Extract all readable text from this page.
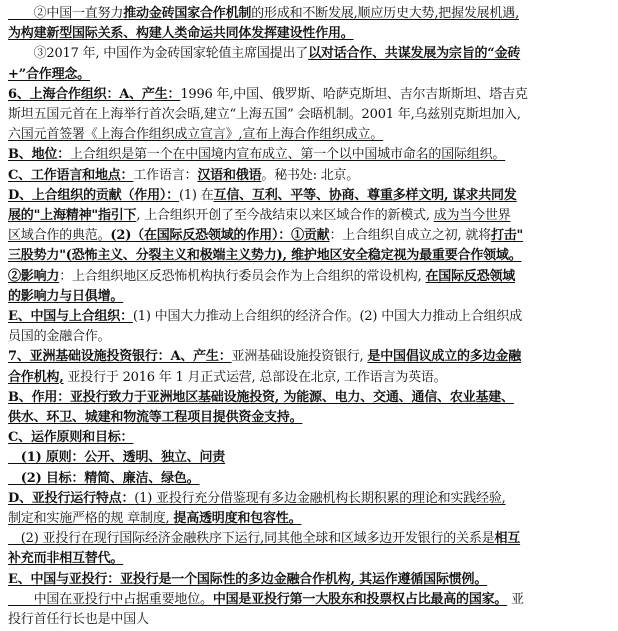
　　②中国一直努力推动金砖国家合作机制的形成和不断发展,顺应历史大势,把握发展机遇,
为构建新型国际关系、构建人类命运共同体发挥建设性作用。
　　③2017 年, 中国作为金砖国家轮值主席国提出了以对话合作、共谋发展为宗旨的“金砖
+”合作理念。
6、上海合作组织：A、产生：1996 年,中国、俄罗斯、哈萨克斯坦、吉尔吉斯斯坦、塔吉克
斯坦五国元首在上海举行首次会晤,建立“上海五国” 会晤机制。2001 年,乌兹别克斯坦加入,
六国元首签署《上海合作组织成立宣言》,宣布上海合作组织成立。
B、地位：上合组织是第一个在中国境内宣布成立、第一个以中国城市命名的国际组织。
C、工作语言和地点：工作语言：汉语和俄语。秘书处: 北京。
D、上合组织的贡献（作用）：(1) 在互信、互利、平等、协商、尊重多样文明, 谋求共同发
展的"上海精神"指引下, 上合组织开创了至今战结束以来区域合作的新模式, 成为当今世界
区域合作的典范。(2)（在国际反恐领域的作用）：①贡献：上合组织自成立之初, 就将打击"
三股势力"(恐怖主义、分裂主义和极端主义势力), 维护地区安全稳定视为最重要合作领域。
②影响力：上合组织地区反恐怖机构执行委员会作为上合组织的常设机构, 在国际反恐领域
的影响力与日俱增。
E、中国与上合组织：(1) 中国大力推动上合组织的经济合作。(2) 中国大力推动上合组织成
员国的金融合作。
7、亚洲基础设施投资银行：A、产生：亚洲基础设施投资银行, 是中国倡议成立的多边金融
合作机构, 亚投行于 2016 年 1 月正式运营, 总部设在北京, 工作语言为英语。
B、作用：亚投行致力于亚洲地区基础设施投资, 为能源、电力、交通、通信、农业基建、
供水、环卫、城建和物流等工程项目提供资金支持。
C、运作原则和目标：
　(1) 原则：公开、透明、独立、问责
　(2) 目标：精简、廉洁、绿色。
D、亚投行运行特点：(1) 亚投行充分借鉴现有多边金融机构长期积累的理论和实践经验,
制定和实施严格的规 章制度, 提高透明度和包容性。
　(2) 亚投行在现行国际经济金融秩序下运行,同其他全球和区域多边开发银行的关系是相互
补充而非相互替代。
E、中国与亚投行：亚投行是一个国际性的多边金融合作机构, 其运作遵循国际惯例。
　　中国在亚投行中占据重要地位。中国是亚投行第一大股东和投票权占比最高的国家。 亚
投行首任行长也是中国人
